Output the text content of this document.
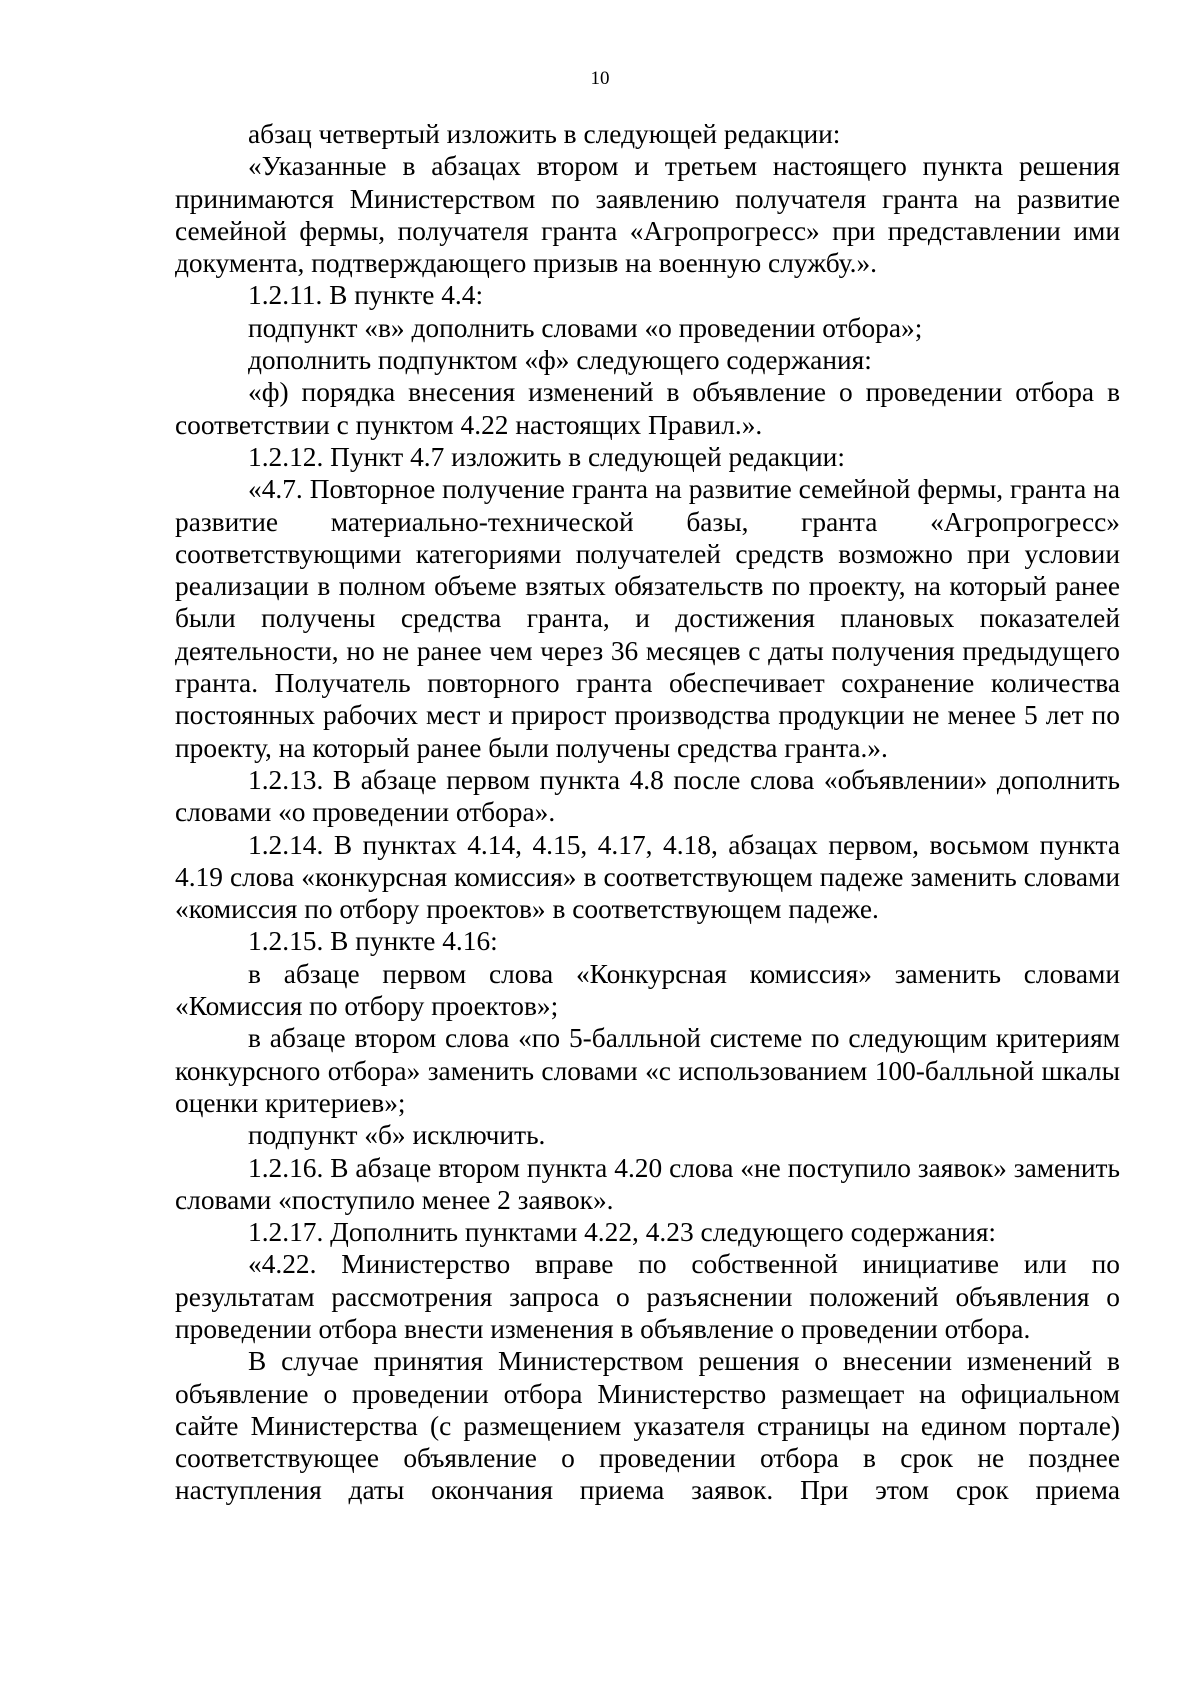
10

абзац четвертый изложить в следующей редакции:

«Указанные в абзацах втором и третьем настоящего пункта решения принимаются Министерством по заявлению получателя гранта на развитие семейной фермы, получателя гранта «Агропрогресс» при представлении ими документа, подтверждающего призыв на военную службу.».

1.2.11. В пункте 4.4:

подпункт «в» дополнить словами «о проведении отбора»;

дополнить подпунктом «ф» следующего содержания:

«ф) порядка внесения изменений в объявление о проведении отбора в соответствии с пунктом 4.22 настоящих Правил.».

1.2.12. Пункт 4.7 изложить в следующей редакции:

«4.7. Повторное получение гранта на развитие семейной фермы, гранта на развитие материально-технической базы, гранта «Агропрогресс» соответствующими категориями получателей средств возможно при условии реализации в полном объеме взятых обязательств по проекту, на который ранее были получены средства гранта, и достижения плановых показателей деятельности, но не ранее чем через 36 месяцев с даты получения предыдущего гранта. Получатель повторного гранта обеспечивает сохранение количества постоянных рабочих мест и прирост производства продукции не менее 5 лет по проекту, на который ранее были получены средства гранта.».

1.2.13. В абзаце первом пункта 4.8 после слова «объявлении» дополнить словами «о проведении отбора».

1.2.14. В пунктах 4.14, 4.15, 4.17, 4.18, абзацах первом, восьмом пункта 4.19 слова «конкурсная комиссия» в соответствующем падеже заменить словами «комиссия по отбору проектов» в соответствующем падеже.

1.2.15. В пункте 4.16:

в абзаце первом слова «Конкурсная комиссия» заменить словами «Комиссия по отбору проектов»;

в абзаце втором слова «по 5-балльной системе по следующим критериям конкурсного отбора» заменить словами «с использованием 100-балльной шкалы оценки критериев»;

подпункт «б» исключить.

1.2.16. В абзаце втором пункта 4.20 слова «не поступило заявок» заменить словами «поступило менее 2 заявок».

1.2.17. Дополнить пунктами 4.22, 4.23 следующего содержания:

«4.22. Министерство вправе по собственной инициативе или по результатам рассмотрения запроса о разъяснении положений объявления о проведении отбора внести изменения в объявление о проведении отбора.

В случае принятия Министерством решения о внесении изменений в объявление о проведении отбора Министерство размещает на официальном сайте Министерства (с размещением указателя страницы на едином портале) соответствующее объявление о проведении отбора в срок не позднее наступления даты окончания приема заявок. При этом срок приема
